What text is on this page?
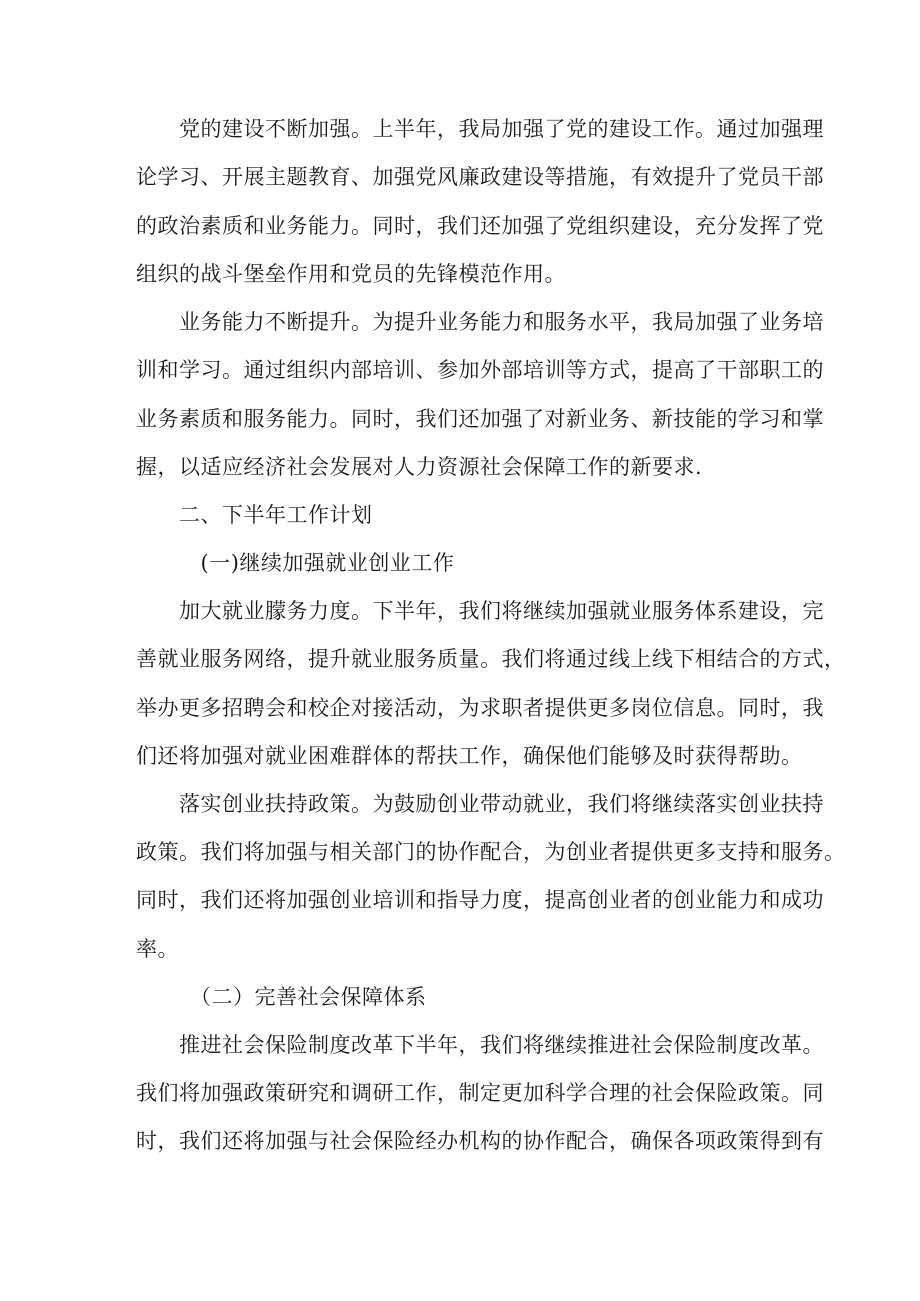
　　党的建设不断加强。上半年，我局加强了党的建设工作。通过加强理
论学习、开展主题教育、加强党风廉政建设等措施，有效提升了党员干部
的政治素质和业务能力。同时，我们还加强了党组织建设，充分发挥了党
组织的战斗堡垒作用和党员的先锋模范作用。
　　业务能力不断提升。为提升业务能力和服务水平，我局加强了业务培
训和学习。通过组织内部培训、参加外部培训等方式，提高了干部职工的
业务素质和服务能力。同时，我们还加强了对新业务、新技能的学习和掌
握，以适应经济社会发展对人力资源社会保障工作的新要求.
　　二、下半年工作计划
　　　(一)继续加强就业创业工作
　　加大就业朦务力度。下半年，我们将继续加强就业服务体系建设，完
善就业服务网络，提升就业服务质量。我们将通过线上线下相结合的方式，
举办更多招聘会和校企对接活动，为求职者提供更多岗位信息。同时，我
们还将加强对就业困难群体的帮扶工作，确保他们能够及时获得帮助。
　　落实创业扶持政策。为鼓励创业带动就业，我们将继续落实创业扶持
政策。我们将加强与相关部门的协作配合，为创业者提供更多支持和服务。
同时，我们还将加强创业培训和指导力度，提高创业者的创业能力和成功
率。
　　　（二）完善社会保障体系
　　推进社会保险制度改革下半年，我们将继续推进社会保险制度改革。
我们将加强政策研究和调研工作，制定更加科学合理的社会保险政策。同
时，我们还将加强与社会保险经办机构的协作配合，确保各项政策得到有
